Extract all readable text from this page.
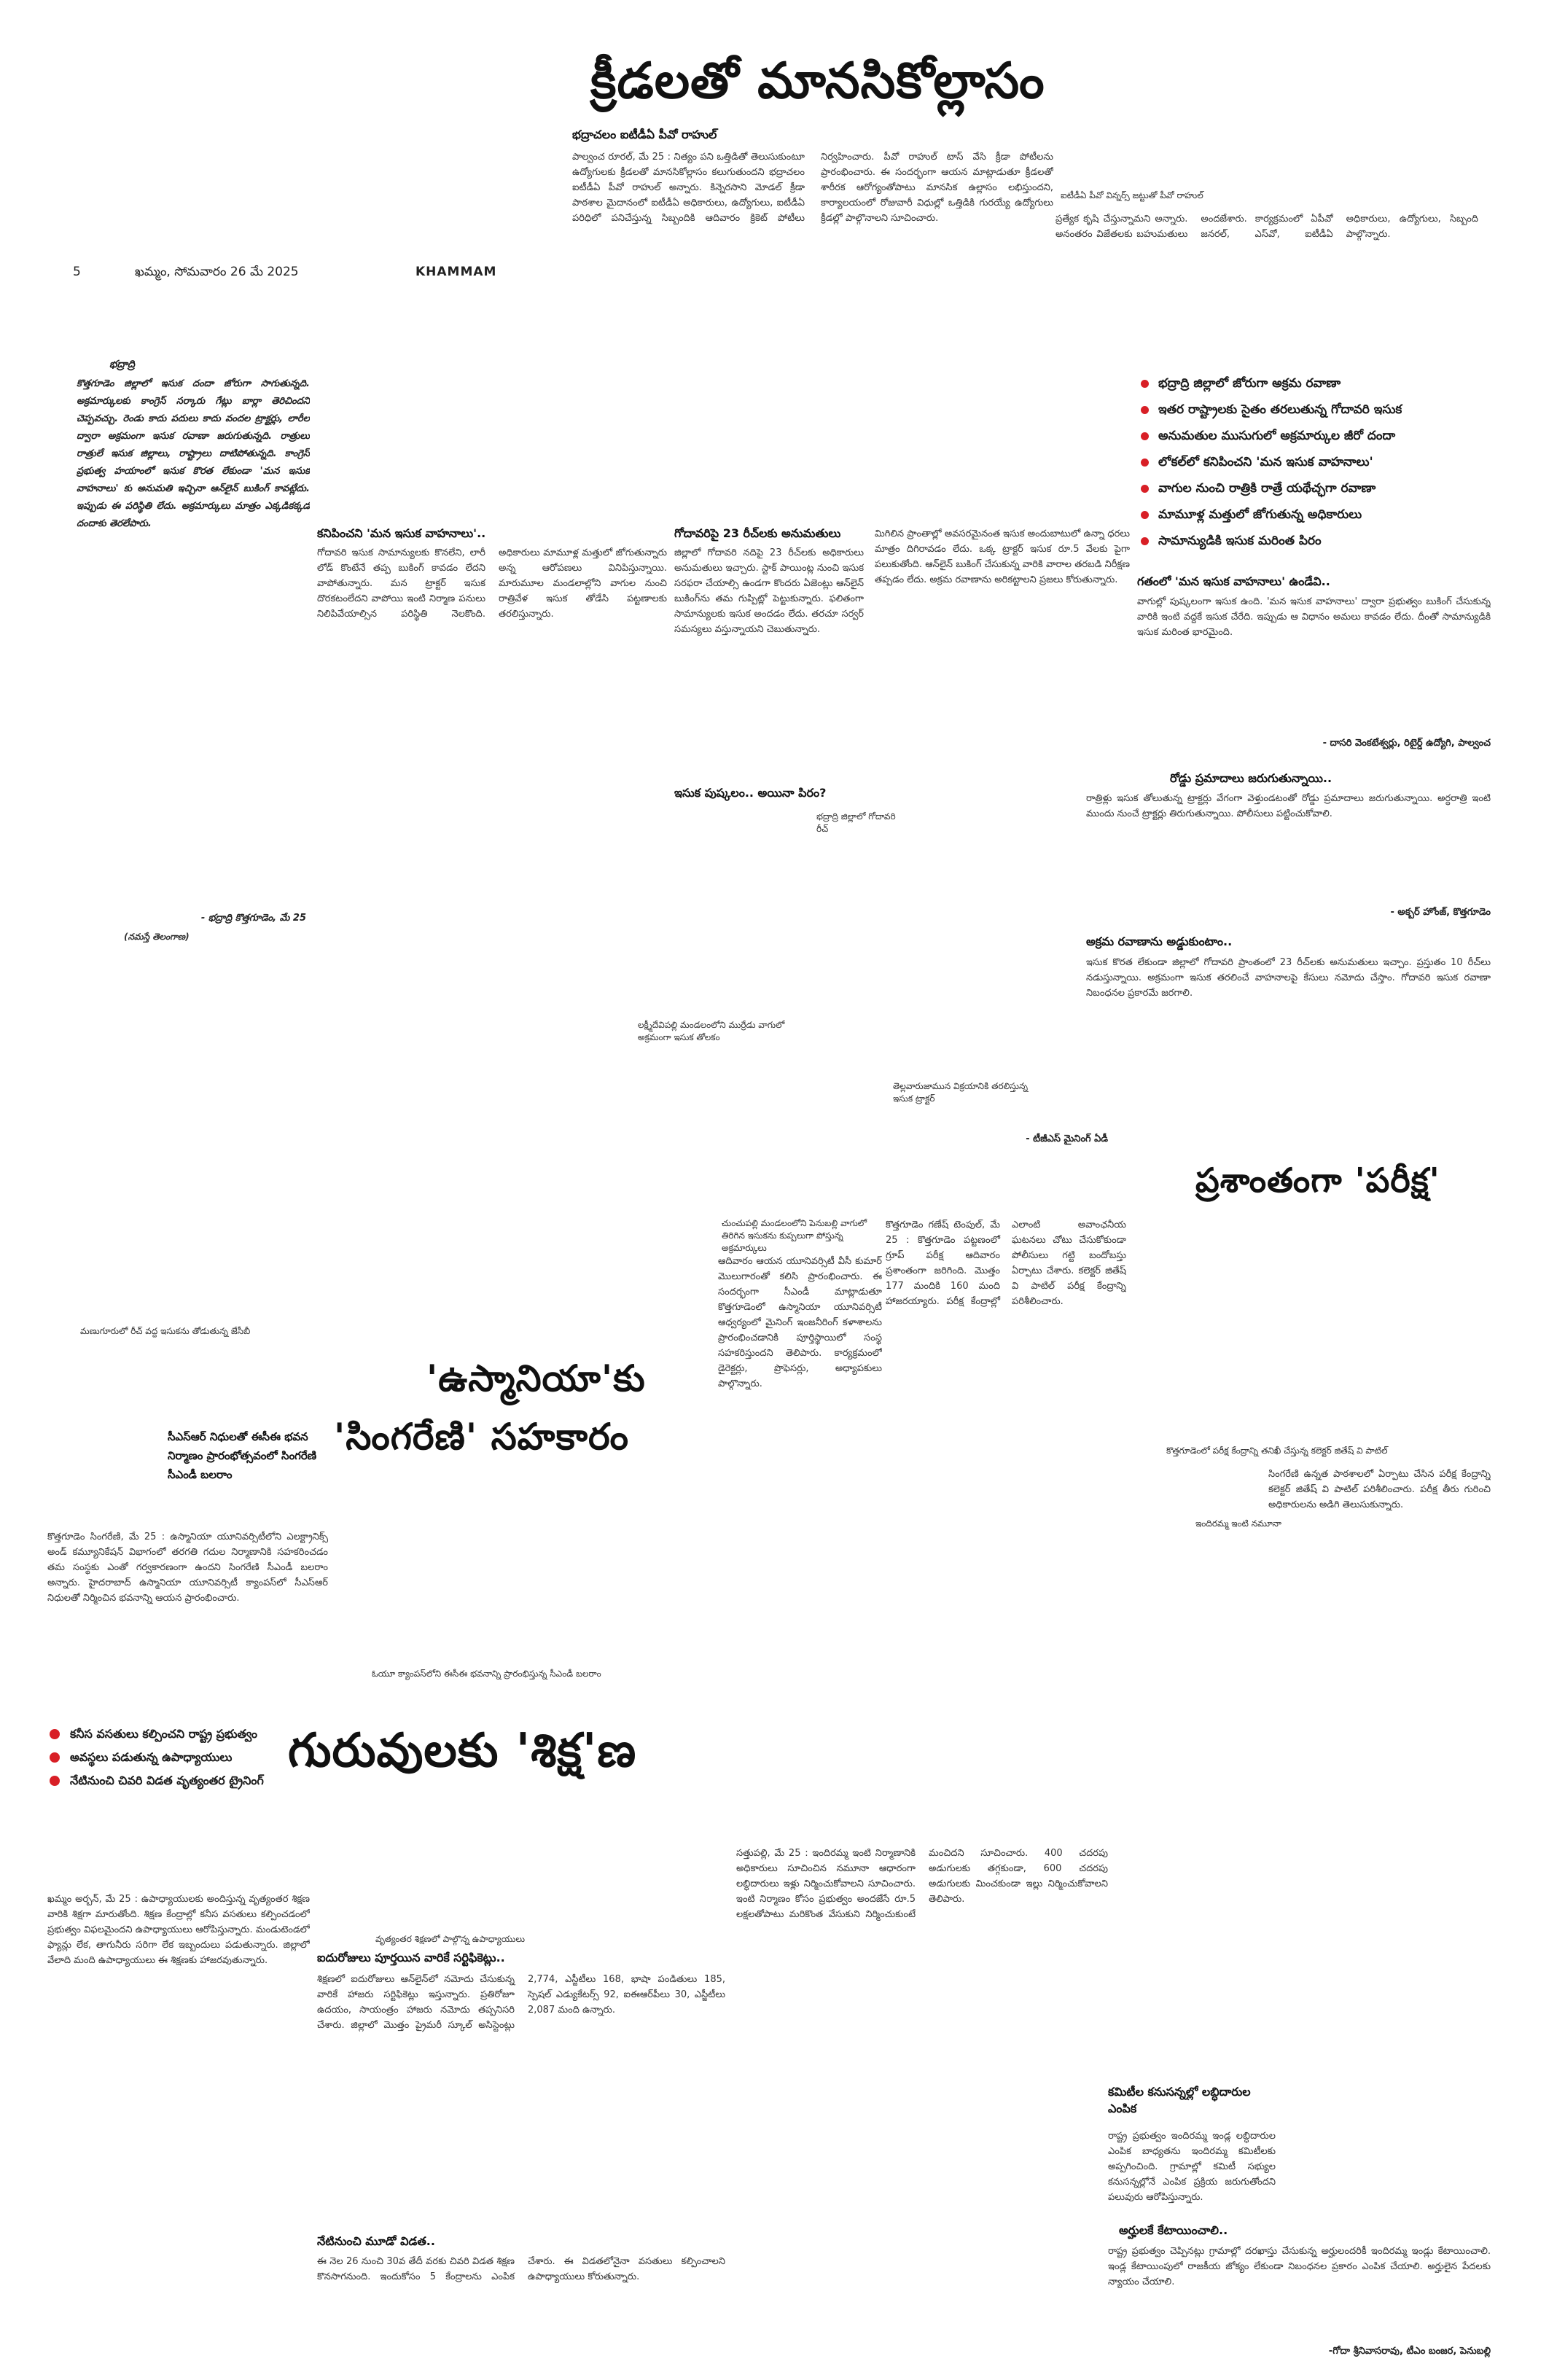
క్రీడలతో మానసికోల్లాసం
5	ఖమ్మం, సోమవారం 26 మే 2025	KHAMMAM
భద్రాచలం ఐటీడీఏ పీవో రాహుల్
పాల్వంచ రూరల్, మే 25 : నిత్యం పని ఒత్తిడితో తెలుసుకుంటూ ఉద్యోగులకు క్రీడలతో మానసికోల్లాసం కలుగుతుందని భద్రాచలం ఐటీడీఏ పీవో రాహుల్ అన్నారు. కిన్నెరసాని మోడల్ క్రీడా పాఠశాల మైదానంలో ఐటీడీఏ అధికారులు, ఉద్యోగులు, ఐటీడీఏ పరిధిలో పనిచేస్తున్న సిబ్బందికి ఆదివారం క్రికెట్ పోటీలు నిర్వహించారు. పీవో రాహుల్ టాస్ వేసి క్రీడా పోటీలను ప్రారంభించారు. ఈ సందర్భంగా ఆయన మాట్లాడుతూ క్రీడలతో శారీరక ఆరోగ్యంతోపాటు మానసిక ఉల్లాసం లభిస్తుందని, కార్యాలయంలో రోజువారీ విధుల్లో ఒత్తిడికి గురయ్యే ఉద్యోగులు క్రీడల్లో పాల్గొనాలని సూచించారు.
ఐటీడీఏ పీవో విన్నర్స్ జట్టుతో పీవో రాహుల్
ప్రత్యేక కృషి చేస్తున్నామని అన్నారు. అనంతరం విజేతలకు బహుమతులు అందజేశారు. కార్యక్రమంలో ఏపీవో జనరల్, ఎస్‌వో, ఐటీడీఏ అధికారులు, ఉద్యోగులు, సిబ్బంది పాల్గొన్నారు.
భద్రాద్రి
కొత్తగూడెం జిల్లాలో ఇసుక దందా జోరుగా సాగుతున్నది. అక్రమార్కులకు కాంగ్రెస్ సర్కారు గేట్లు బార్లా తెరిచిందని చెప్పవచ్చు. రెండు కాదు పదులు కాదు వందల ట్రాక్టర్లు, లారీల ద్వారా అక్రమంగా ఇసుక రవాణా జరుగుతున్నది. రాత్రులు రాత్రులే ఇసుక జిల్లాలు, రాష్ట్రాలు దాటిపోతున్నది. కాంగ్రెస్ ప్రభుత్వ హయాంలో ఇసుక కొరత లేకుండా 'మన ఇసుక వాహనాలు' కు అనుమతి ఇచ్చినా ఆన్‌లైన్ బుకింగ్ కావట్లేదు. ఇప్పుడు ఈ పరిస్థితి లేదు. అక్రమార్కులు మాత్రం ఎక్కడికక్కడ దందాకు తెరలేపారు.
- భద్రాద్రి కొత్తగూడెం, మే 25
(నమస్తే తెలంగాణ)
భద్రాద్రి జిల్లాలో జోరుగా అక్రమ రవాణా
ఇతర రాష్ట్రాలకు సైతం తరలుతున్న గోదావరి ఇసుక
అనుమతుల ముసుగులో అక్రమార్కుల జీరో దందా
లోకల్‌లో కనిపించని 'మన ఇసుక వాహనాలు'
వాగుల నుంచి రాత్రికి రాత్రే యథేచ్ఛగా రవాణా
మామూళ్ల మత్తులో జోగుతున్న అధికారులు
సామాన్యుడికి ఇసుక మరింత పిరం
కనిపించని 'మన ఇసుక వాహనాలు'..
గోదావరి ఇసుక సామాన్యులకు కొనలేని, లారీ లోడ్ కొంటేనే తప్ప బుకింగ్ కావడం లేదని వాపోతున్నారు. మన ట్రాక్టర్ ఇసుక దొరకటంలేదని వాపోయి ఇంటి నిర్మాణ పనులు నిలిపివేయాల్సిన పరిస్థితి నెలకొంది. అధికారులు మామూళ్ల మత్తులో జోగుతున్నారు అన్న ఆరోపణలు వినిపిస్తున్నాయి. మారుమూల మండలాల్లోని వాగుల నుంచి రాత్రివేళ ఇసుక తోడేసి పట్టణాలకు తరలిస్తున్నారు.
గోదావరిపై 23 రీచ్‌లకు అనుమతులు
జిల్లాలో గోదావరి నదిపై 23 రీచ్‌లకు అధికారులు అనుమతులు ఇచ్చారు. స్టాక్ పాయింట్ల నుంచి ఇసుక సరఫరా చేయాల్సి ఉండగా కొందరు ఏజెంట్లు ఆన్‌లైన్ బుకింగ్‌ను తమ గుప్పిట్లో పెట్టుకున్నారు. ఫలితంగా సామాన్యులకు ఇసుక అందడం లేదు. తరచూ సర్వర్ సమస్యలు వస్తున్నాయని చెబుతున్నారు.
ఇసుక పుష్కలం.. అయినా పిరం?
మిగిలిన ప్రాంతాల్లో అవసరమైనంత ఇసుక అందుబాటులో ఉన్నా ధరలు మాత్రం దిగిరావడం లేదు. ఒక్క ట్రాక్టర్ ఇసుక రూ.5 వేలకు పైగా పలుకుతోంది. ఆన్‌లైన్ బుకింగ్ చేసుకున్న వారికి వారాల తరబడి నిరీక్షణ తప్పడం లేదు. అక్రమ రవాణాను అరికట్టాలని ప్రజలు కోరుతున్నారు.
భద్రాద్రి జిల్లాలో గోదావరి రీచ్
లక్ష్మీదేవిపల్లి మండలంలోని ముర్రేడు వాగులో అక్రమంగా ఇసుక తోలకం
తెల్లవారుజామున విక్రయానికి తరలిస్తున్న ఇసుక ట్రాక్టర్
గతంలో 'మన ఇసుక వాహనాలు' ఉండేవి..
వాగుల్లో పుష్కలంగా ఇసుక ఉంది. 'మన ఇసుక వాహనాలు' ద్వారా ప్రభుత్వం బుకింగ్ చేసుకున్న వారికి ఇంటి వద్దకే ఇసుక చేరేది. ఇప్పుడు ఆ విధానం అమలు కావడం లేదు. దీంతో సామాన్యుడికి ఇసుక మరింత భారమైంది.
- దాసరి వెంకటేశ్వర్లు, రిటైర్డ్ ఉద్యోగి, పాల్వంచ
రోడ్డు ప్రమాదాలు జరుగుతున్నాయి..
రాత్రిళ్లు ఇసుక తోలుతున్న ట్రాక్టర్లు వేగంగా వెళ్తుండటంతో రోడ్డు ప్రమాదాలు జరుగుతున్నాయి. అర్ధరాత్రి ఇంటి ముందు నుంచే ట్రాక్టర్లు తిరుగుతున్నాయి. పోలీసులు పట్టించుకోవాలి.
- అక్బర్ హోంజ్, కొత్తగూడెం
అక్రమ రవాణాను అడ్డుకుంటాం..
ఇసుక కొరత లేకుండా జిల్లాలో గోదావరి ప్రాంతంలో 23 రీచ్‌లకు అనుమతులు ఇచ్చాం. ప్రస్తుతం 10 రీచ్‌లు నడుస్తున్నాయి. అక్రమంగా ఇసుక తరలించే వాహనాలపై కేసులు నమోదు చేస్తాం. గోదావరి ఇసుక రవాణా నిబంధనల ప్రకారమే జరగాలి.
- టీజీఎస్ మైనింగ్ ఏడీ
ప్రశాంతంగా 'పరీక్ష'
కొత్తగూడెం గణేష్ టెంపుల్, మే 25 : కొత్తగూడెం పట్టణంలో గ్రూప్ పరీక్ష ఆదివారం ప్రశాంతంగా జరిగింది. మొత్తం 177 మందికి 160 మంది హాజరయ్యారు. పరీక్ష కేంద్రాల్లో ఎలాంటి అవాంఛనీయ ఘటనలు చోటు చేసుకోకుండా పోలీసులు గట్టి బందోబస్తు ఏర్పాటు చేశారు. కలెక్టర్ జితేష్ వి పాటిల్ పరీక్ష కేంద్రాన్ని పరిశీలించారు.
కొత్తగూడెంలో పరీక్ష కేంద్రాన్ని తనిఖీ చేస్తున్న కలెక్టర్ జితేష్ వి పాటిల్
సింగరేణి ఉన్నత పాఠశాలలో ఏర్పాటు చేసిన పరీక్ష కేంద్రాన్ని కలెక్టర్ జితేష్ వి పాటిల్ పరిశీలించారు. పరీక్ష తీరు గురించి అధికారులను అడిగి తెలుసుకున్నారు.
ఇందిరమ్మ ఇంటి నమూనా
చుంచుపల్లి మండలంలోని పెనుబల్లి వాగులో తిరిగిన ఇసుకను కుప్పలుగా పోస్తున్న అక్రమార్కులు
మణుగూరులో రీచ్ వద్ద ఇసుకను తోడుతున్న జేసీబీ
'ఉస్మానియా'కు
'సింగరేణి' సహకారం
సీఎస్ఆర్ నిధులతో ఈసీఈ భవన నిర్మాణం ప్రారంభోత్సవంలో సింగరేణి సీఎండీ బలరాం
కొత్తగూడెం సింగరేణి, మే 25 : ఉస్మానియా యూనివర్సిటీలోని ఎలక్ట్రానిక్స్ అండ్ కమ్యూనికేషన్ విభాగంలో తరగతి గదుల నిర్మాణానికి సహకరించడం తమ సంస్థకు ఎంతో గర్వకారణంగా ఉందని సింగరేణి సీఎండీ బలరాం అన్నారు. హైదరాబాద్ ఉస్మానియా యూనివర్సిటీ క్యాంపస్‌లో సీఎస్ఆర్ నిధులతో నిర్మించిన భవనాన్ని ఆయన ప్రారంభించారు.
ఆదివారం ఆయన యూనివర్సిటీ వీసీ కుమార్ మొలుగారంతో కలిసి ప్రారంభించారు. ఈ సందర్భంగా సీఎండీ మాట్లాడుతూ కొత్తగూడెంలో ఉస్మానియా యూనివర్సిటీ ఆధ్వర్యంలో మైనింగ్ ఇంజనీరింగ్ కళాశాలను ప్రారంభించడానికి పూర్తిస్థాయిలో సంస్థ సహకరిస్తుందని తెలిపారు. కార్యక్రమంలో డైరెక్టర్లు, ప్రొఫెసర్లు, అధ్యాపకులు పాల్గొన్నారు.
ఓయూ క్యాంపస్‌లోని ఈసీఈ భవనాన్ని ప్రారంభిస్తున్న సీఎండీ బలరాం
గురువులకు 'శిక్ష'ణ
కనీస వసతులు కల్పించని రాష్ట్ర ప్రభుత్వం
అవస్థలు పడుతున్న ఉపాధ్యాయులు
నేటినుంచి చివరి విడత వృత్యంతర ట్రైనింగ్
ఖమ్మం అర్బన్, మే 25 : ఉపాధ్యాయులకు అందిస్తున్న వృత్యంతర శిక్షణ వారికి శిక్షగా మారుతోంది. శిక్షణ కేంద్రాల్లో కనీస వసతులు కల్పించడంలో ప్రభుత్వం విఫలమైందని ఉపాధ్యాయులు ఆరోపిస్తున్నారు. మండుటెండలో ఫ్యాన్లు లేక, తాగునీరు సరిగా లేక ఇబ్బందులు పడుతున్నారు. జిల్లాలో వేలాది మంది ఉపాధ్యాయులు ఈ శిక్షణకు హాజరవుతున్నారు.
వృత్యంతర శిక్షణలో పాల్గొన్న ఉపాధ్యాయులు
ఐదురోజులు పూర్తయిన వారికే సర్టిఫికెట్లు..
శిక్షణలో ఐదురోజులు ఆన్‌లైన్‌లో నమోదు చేసుకున్న వారికే హాజరు సర్టిఫికెట్లు ఇస్తున్నారు. ప్రతిరోజూ ఉదయం, సాయంత్రం హాజరు నమోదు తప్పనిసరి చేశారు. జిల్లాలో మొత్తం ప్రైమరీ స్కూల్ అసిస్టెంట్లు 2,774, ఎస్జీటీలు 168, భాషా పండితులు 185, స్పెషల్ ఎడ్యుకేటర్స్ 92, ఐఈఆర్‌పీలు 30, ఎస్జీటీలు 2,087 మంది ఉన్నారు.
నేటినుంచి మూడో విడత..
ఈ నెల 26 నుంచి 30వ తేదీ వరకు చివరి విడత శిక్షణ కొనసాగనుంది. ఇందుకోసం 5 కేంద్రాలను ఎంపిక చేశారు. ఈ విడతలోనైనా వసతులు కల్పించాలని ఉపాధ్యాయులు కోరుతున్నారు.
సత్తుపల్లి, మే 25 : ఇందిరమ్మ ఇంటి నిర్మాణానికి అధికారులు సూచించిన నమూనా ఆధారంగా లబ్ధిదారులు ఇళ్లు నిర్మించుకోవాలని సూచించారు. ఇంటి నిర్మాణం కోసం ప్రభుత్వం అందజేసే రూ.5 లక్షలతోపాటు మరికొంత వేసుకుని నిర్మించుకుంటే మంచిదని సూచించారు. 400 చదరపు అడుగులకు తగ్గకుండా, 600 చదరపు అడుగులకు మించకుండా ఇల్లు నిర్మించుకోవాలని తెలిపారు.
కమిటీల కనుసన్నల్లో లబ్ధిదారుల ఎంపిక
రాష్ట్ర ప్రభుత్వం ఇందిరమ్మ ఇండ్ల లబ్ధిదారుల ఎంపిక బాధ్యతను ఇందిరమ్మ కమిటీలకు అప్పగించింది. గ్రామాల్లో కమిటీ సభ్యుల కనుసన్నల్లోనే ఎంపిక ప్రక్రియ జరుగుతోందని పలువురు ఆరోపిస్తున్నారు.
అర్హులకే కేటాయించాలి..
రాష్ట్ర ప్రభుత్వం చెప్పినట్లు గ్రామాల్లో దరఖాస్తు చేసుకున్న అర్హులందరికీ ఇందిరమ్మ ఇండ్లు కేటాయించాలి. ఇండ్ల కేటాయింపులో రాజకీయ జోక్యం లేకుండా నిబంధనల ప్రకారం ఎంపిక చేయాలి. అర్హులైన పేదలకు న్యాయం చేయాలి.
-గోదా శ్రీనివాసరావు, టీఎం బంజర, పెనుబల్లి
